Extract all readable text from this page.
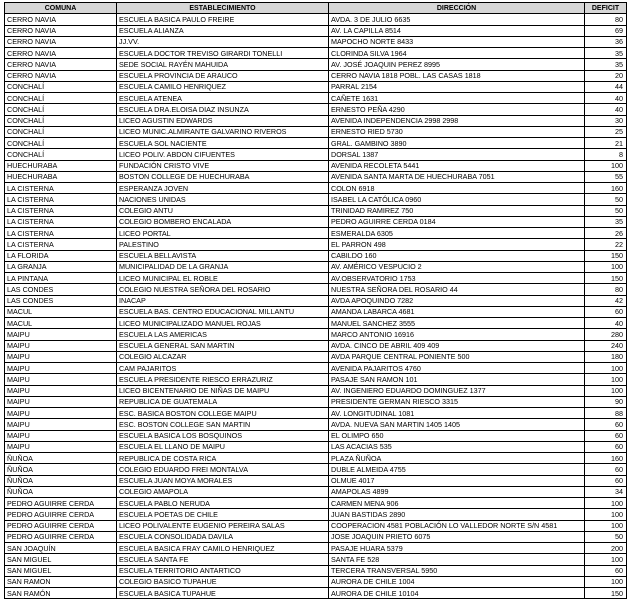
COMUNA	ESTABLECIMIENTO	DIRECCIÓN	DEFICIT
CERRO NAVIA	ESCUELA BASICA PAULO FREIRE	AVDA. 3 DE JULIO 6635	80
CERRO NAVIA	ESCUELA ALIANZA	AV. LA CAPILLA 8514	69
CERRO NAVIA	JJ.VV.	MAPOCHO NORTE 8433	36
CERRO NAVIA	ESCUELA DOCTOR TREVISO GIRARDI TONELLI	CLORINDA SILVA 1964	35
CERRO NAVIA	SEDE SOCIAL RAYÉN MAHUIDA	AV. JOSÉ JOAQUIN PEREZ 8995	35
CERRO NAVIA	ESCUELA PROVINCIA DE ARAUCO	CERRO NAVIA 1818 POBL. LAS CASAS 1818	20
CONCHALÍ	ESCUELA CAMILO HENRIQUEZ	PARRAL 2154	44
CONCHALÍ	ESCUELA ATENEA	CAÑETE 1631	40
CONCHALÍ	ESCUELA DRA.ELOISA DIAZ INSUNZA	ERNESTO PEÑA 4290	40
CONCHALÍ	LICEO AGUSTIN EDWARDS	AVENIDA INDEPENDENCIA 2998 2998	30
CONCHALÍ	LICEO MUNIC.ALMIRANTE GALVARINO RIVEROS	ERNESTO RIED 5730	25
CONCHALÍ	ESCUELA SOL NACIENTE	GRAL. GAMBINO 3890	21
CONCHALÍ	LICEO POLIV. ABDON CIFUENTES	DORSAL 1387	8
HUECHURABA	FUNDACIÓN CRISTO VIVE	AVENIDA RECOLETA 5441	100
HUECHURABA	BOSTON COLLEGE DE HUECHURABA	AVENIDA SANTA MARTA DE HUECHURABA 7051	55
LA CISTERNA	ESPERANZA JOVEN	COLON 6918	160
LA CISTERNA	NACIONES UNIDAS	ISABEL LA CATÓLICA 0960	50
LA CISTERNA	COLEGIO ANTU	TRINIDAD RAMIREZ 750	50
LA CISTERNA	COLEGIO BOMBERO ENCALADA	PEDRO AGUIRRE CERDA 0184	35
LA CISTERNA	LICEO PORTAL	ESMERALDA 6305	26
LA CISTERNA	PALESTINO	EL PARRON 498	22
LA FLORIDA	ESCUELA BELLAVISTA	CABILDO 160	150
LA GRANJA	MUNICIPALIDAD DE LA GRANJA	AV. AMÉRICO VESPUCIO 2	100
LA PINTANA	LICEO MUNICIPAL EL ROBLE	AV.OBSERVATORIO 1753	150
LAS CONDES	COLEGIO NUESTRA SEÑORA DEL ROSARIO	NUESTRA SEÑORA DEL ROSARIO 44	80
LAS CONDES	INACAP	AVDA APOQUINDO 7282	42
MACUL	ESCUELA BAS. CENTRO EDUCACIONAL MILLANTU	AMANDA LABARCA 4681	60
MACUL	LICEO MUNICIPALIZADO MANUEL ROJAS	MANUEL SANCHEZ 3555	40
MAIPU	ESCUELA LAS AMERICAS	MARCO ANTONIO 16916	280
MAIPU	ESCUELA GENERAL SAN MARTIN	AVDA. CINCO DE ABRIL 409 409	240
MAIPU	COLEGIO ALCAZAR	AVDA PARQUE CENTRAL PONIENTE 500	180
MAIPU	CAM PAJARITOS	AVENIDA PAJARITOS 4760	100
MAIPU	ESCUELA PRESIDENTE RIESCO ERRAZURIZ	PASAJE SAN RAMON 101	100
MAIPU	LICEO BICENTENARIO DE NIÑAS DE MAIPU	AV. INGENIERO EDUARDO DOMINGUEZ 1377	100
MAIPU	REPUBLICA DE GUATEMALA	PRESIDENTE GERMAN RIESCO 3315	90
MAIPU	ESC. BASICA BOSTON COLLEGE MAIPU	AV. LONGITUDINAL 1081	88
MAIPU	ESC. BOSTON COLLEGE SAN MARTIN	AVDA. NUEVA SAN MARTIN 1405 1405	60
MAIPU	ESCUELA BASICA LOS BOSQUINOS	EL OLIMPO 650	60
MAIPU	ESCUELA EL LLANO DE MAIPU	LAS ACACIAS 535	60
ÑUÑOA	REPUBLICA DE COSTA RICA	PLAZA ÑUÑOA	160
ÑUÑOA	COLEGIO EDUARDO FREI MONTALVA	DUBLE ALMEIDA 4755	60
ÑUÑOA	ESCUELA JUAN MOYA MORALES	OLMUE 4017	60
ÑUÑOA	COLEGIO AMAPOLA	AMAPOLAS 4899	34
PEDRO AGUIRRE CERDA	ESCUELA PABLO NERUDA	CARMEN MENA 906	100
PEDRO AGUIRRE CERDA	ESCUELA POETAS DE CHILE	JUAN BASTIDAS 2890	100
PEDRO AGUIRRE CERDA	LICEO POLIVALENTE EUGENIO PEREIRA SALAS	COOPERACION 4581 POBLACIÓN LO VALLEDOR NORTE S/N 4581	100
PEDRO AGUIRRE CERDA	ESCUELA CONSOLIDADA DAVILA	JOSE JOAQUIN PRIETO 6075	50
SAN JOAQUÍN	ESCUELA BASICA FRAY CAMILO HENRIQUEZ	PASAJE HUARA 5379	200
SAN MIGUEL	ESCUELA SANTA FE	SANTA FE 528	100
SAN MIGUEL	ESCUELA TERRITORIO ANTARTICO	TERCERA TRANSVERSAL 5950	60
SAN RAMON	COLEGIO BASICO TUPAHUE	AURORA DE CHILE 1004	100
SAN RAMÓN	ESCUELA BASICA TUPAHUE	AURORA DE CHILE 10104	150
